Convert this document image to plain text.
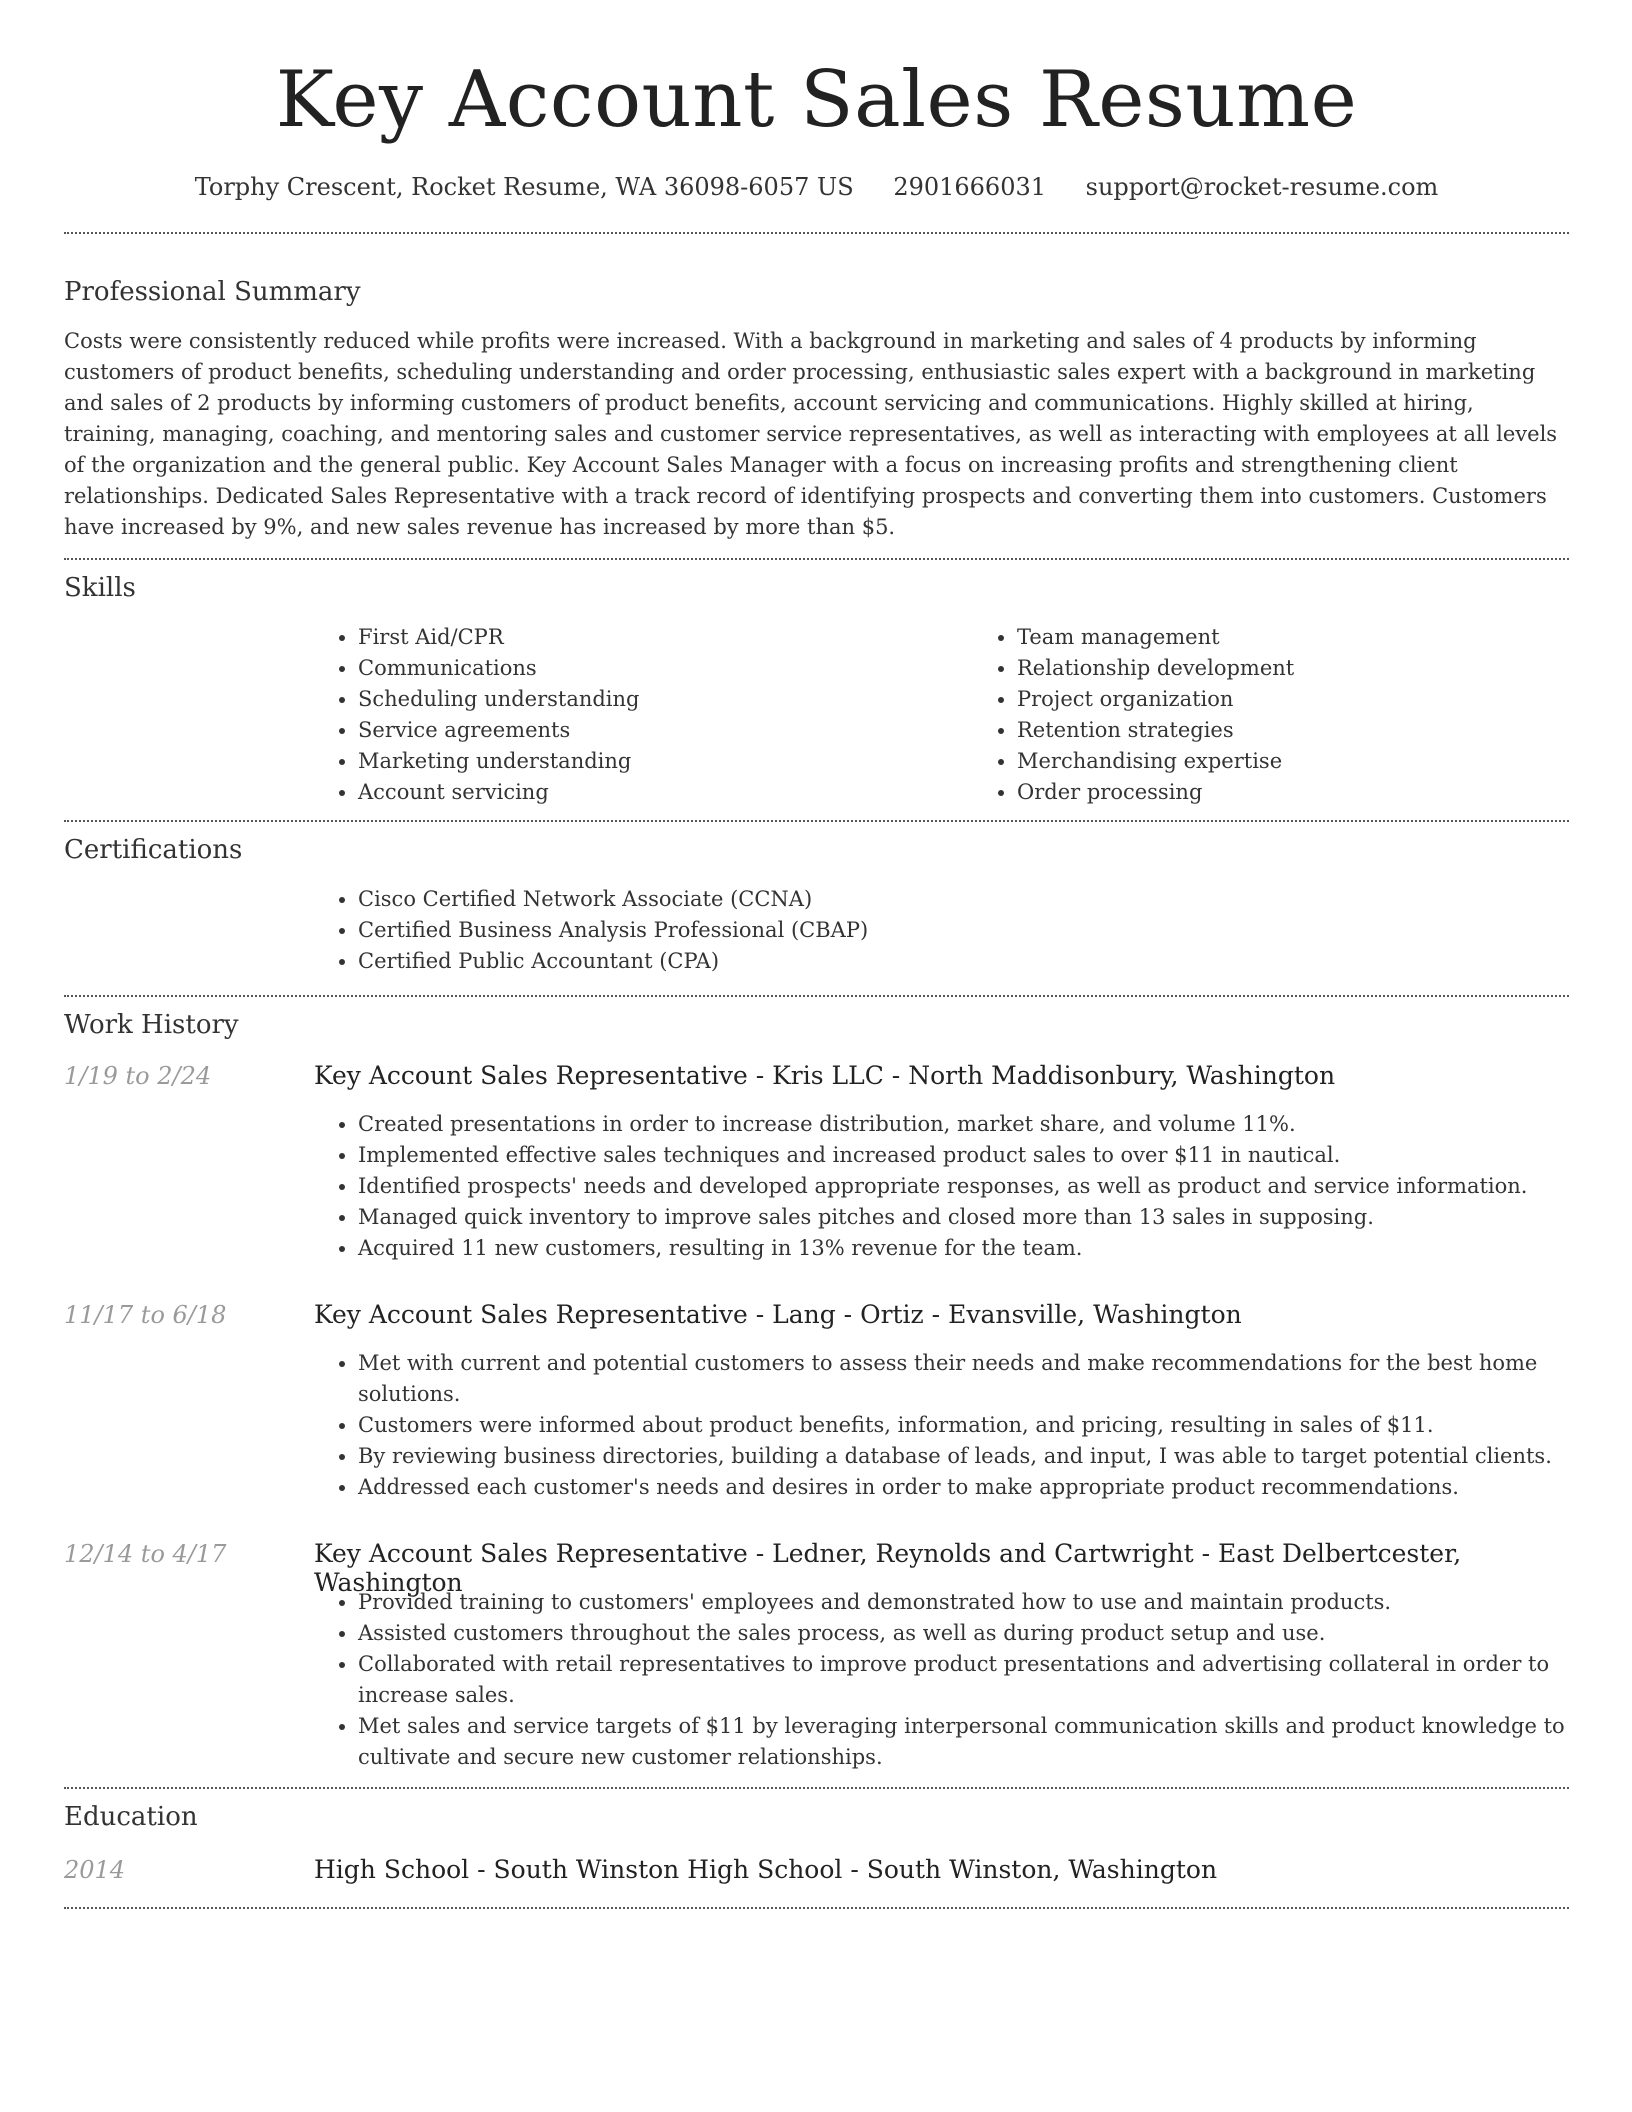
Key Account Sales Resume
Torphy Crescent, Rocket Resume, WA 36098-6057 US 2901666031 support@rocket-resume.com
Professional Summary

Costs were consistently reduced while profits were increased. With a background in marketing and sales of 4 products by informing customers of product benefits, scheduling understanding and order processing, enthusiastic sales expert with a background in marketing and sales of 2 products by informing customers of product benefits, account servicing and communications. Highly skilled at hiring, training, managing, coaching, and mentoring sales and customer service representatives, as well as interacting with employees at all levels of the organization and the general public. Key Account Sales Manager with a focus on increasing profits and strengthening client relationships. Dedicated Sales Representative with a track record of identifying prospects and converting them into customers. Customers have increased by 9%, and new sales revenue has increased by more than $5.

Skills
• First Aid/CPR
• Communications
• Scheduling understanding
• Service agreements
• Marketing understanding
• Account servicing
• Team management
• Relationship development
• Project organization
• Retention strategies
• Merchandising expertise
• Order processing
Certifications
• Cisco Certified Network Associate (CCNA)
• Certified Business Analysis Professional (CBAP)
• Certified Public Accountant (CPA)
Work History
1/19 to 2/24	Key Account Sales Representative - Kris LLC - North Maddisonbury, Washington
• Created presentations in order to increase distribution, market share, and volume 11%.
• Implemented effective sales techniques and increased product sales to over $11 in nautical.
• Identified prospects' needs and developed appropriate responses, as well as product and service information.
• Managed quick inventory to improve sales pitches and closed more than 13 sales in supposing.
• Acquired 11 new customers, resulting in 13% revenue for the team.
11/17 to 6/18	Key Account Sales Representative - Lang - Ortiz - Evansville, Washington
• Met with current and potential customers to assess their needs and make recommendations for the best home solutions.
• Customers were informed about product benefits, information, and pricing, resulting in sales of $11.
• By reviewing business directories, building a database of leads, and input, I was able to target potential clients.
• Addressed each customer's needs and desires in order to make appropriate product recommendations.
12/14 to 4/17	Key Account Sales Representative - Ledner, Reynolds and Cartwright - East Delbertcester, Washington
• Provided training to customers' employees and demonstrated how to use and maintain products.
• Assisted customers throughout the sales process, as well as during product setup and use.
• Collaborated with retail representatives to improve product presentations and advertising collateral in order to increase sales.
• Met sales and service targets of $11 by leveraging interpersonal communication skills and product knowledge to cultivate and secure new customer relationships.
Education
2014	High School - South Winston High School - South Winston, Washington
